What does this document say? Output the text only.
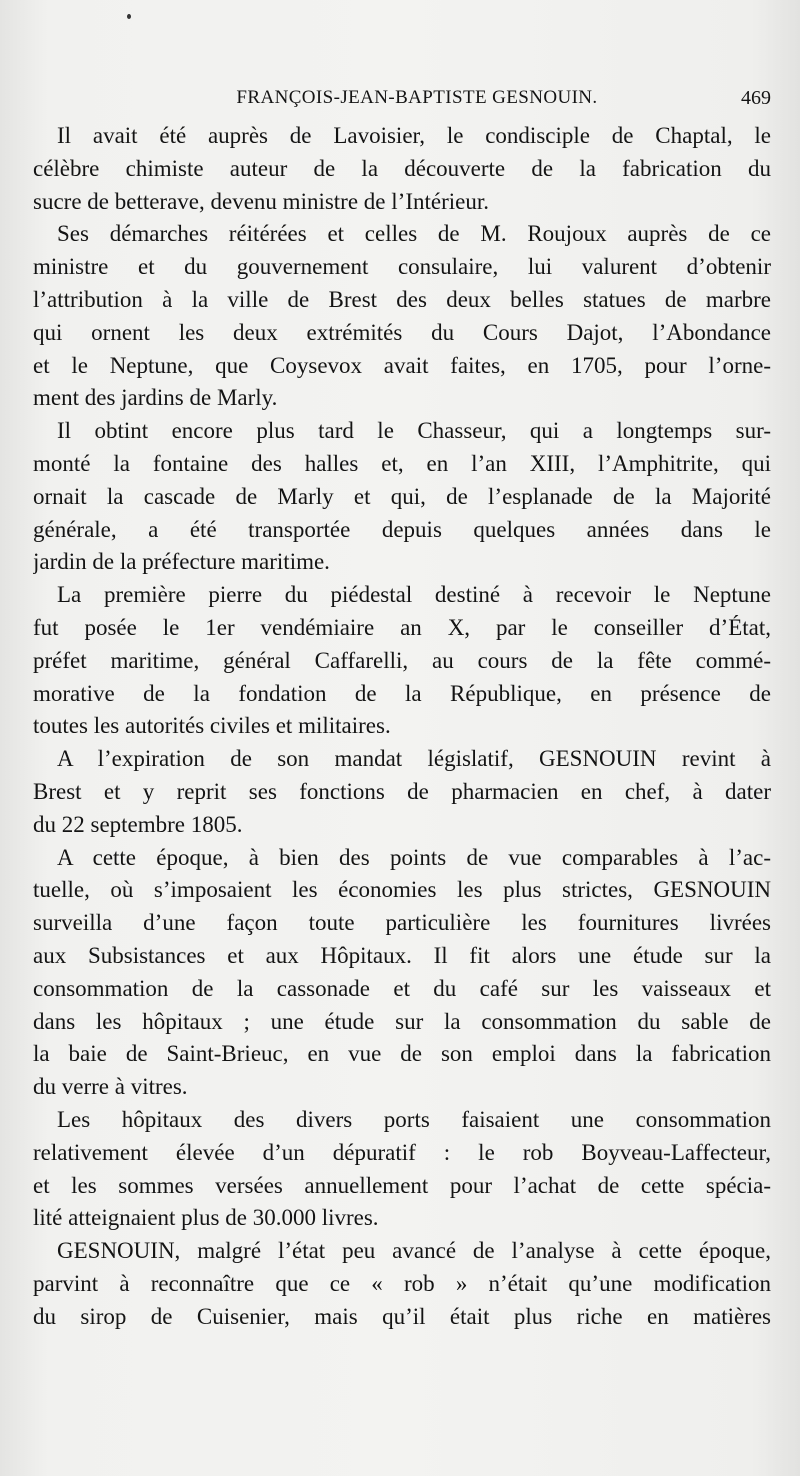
FRANÇOIS-JEAN-BAPTISTE GESNOUIN.	469
Il avait été auprès de Lavoisier, le condisciple de Chaptal, le
célèbre chimiste auteur de la découverte de la fabrication du
sucre de betterave, devenu ministre de l’Intérieur.
Ses démarches réitérées et celles de M. Roujoux auprès de ce
ministre et du gouvernement consulaire, lui valurent d’obtenir
l’attribution à la ville de Brest des deux belles statues de marbre
qui ornent les deux extrémités du Cours Dajot, l’Abondance
et le Neptune, que Coysevox avait faites, en 1705, pour l’orne-
ment des jardins de Marly.
Il obtint encore plus tard le Chasseur, qui a longtemps sur-
monté la fontaine des halles et, en l’an XIII, l’Amphitrite, qui
ornait la cascade de Marly et qui, de l’esplanade de la Majorité
générale, a été transportée depuis quelques années dans le
jardin de la préfecture maritime.
La première pierre du piédestal destiné à recevoir le Neptune
fut posée le 1er vendémiaire an X, par le conseiller d’État,
préfet maritime, général Caffarelli, au cours de la fête commé-
morative de la fondation de la République, en présence de
toutes les autorités civiles et militaires.
A l’expiration de son mandat législatif, GESNOUIN revint à
Brest et y reprit ses fonctions de pharmacien en chef, à dater
du 22 septembre 1805.
A cette époque, à bien des points de vue comparables à l’ac-
tuelle, où s’imposaient les économies les plus strictes, GESNOUIN
surveilla d’une façon toute particulière les fournitures livrées
aux Subsistances et aux Hôpitaux. Il fit alors une étude sur la
consommation de la cassonade et du café sur les vaisseaux et
dans les hôpitaux ; une étude sur la consommation du sable de
la baie de Saint-Brieuc, en vue de son emploi dans la fabrication
du verre à vitres.
Les hôpitaux des divers ports faisaient une consommation
relativement élevée d’un dépuratif : le rob Boyveau-Laffecteur,
et les sommes versées annuellement pour l’achat de cette spécia-
lité atteignaient plus de 30.000 livres.
GESNOUIN, malgré l’état peu avancé de l’analyse à cette époque,
parvint à reconnaître que ce « rob » n’était qu’une modification
du sirop de Cuisenier, mais qu’il était plus riche en matières
